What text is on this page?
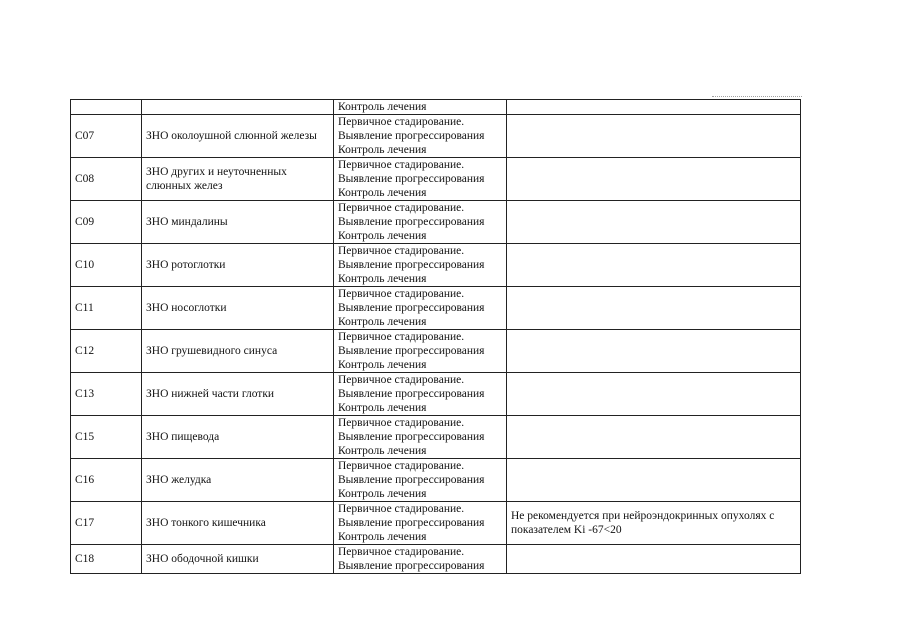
		Контроль лечения	

C07	ЗНО околоушной слюнной железы	Первичное стадирование.
Выявление прогрессирования
Контроль лечения	

C08	ЗНО других и неуточненных слюнных желез	Первичное стадирование.
Выявление прогрессирования
Контроль лечения	

C09	ЗНО миндалины	Первичное стадирование.
Выявление прогрессирования
Контроль лечения	

C10	ЗНО ротоглотки	Первичное стадирование.
Выявление прогрессирования
Контроль лечения	

C11	ЗНО носоглотки	Первичное стадирование.
Выявление прогрессирования
Контроль лечения	

C12	ЗНО грушевидного синуса	Первичное стадирование.
Выявление прогрессирования
Контроль лечения	

C13	ЗНО нижней части глотки	Первичное стадирование.
Выявление прогрессирования
Контроль лечения	

C15	ЗНО пищевода	Первичное стадирование.
Выявление прогрессирования
Контроль лечения	

C16	ЗНО желудка	Первичное стадирование.
Выявление прогрессирования
Контроль лечения	

C17	ЗНО тонкого кишечника	Первичное стадирование.
Выявление прогрессирования
Контроль лечения	Не рекомендуется при нейроэндокринных опухолях с показателем Ki -67<20
C18	ЗНО ободочной кишки	Первичное стадирование.
Выявление прогрессирования	
